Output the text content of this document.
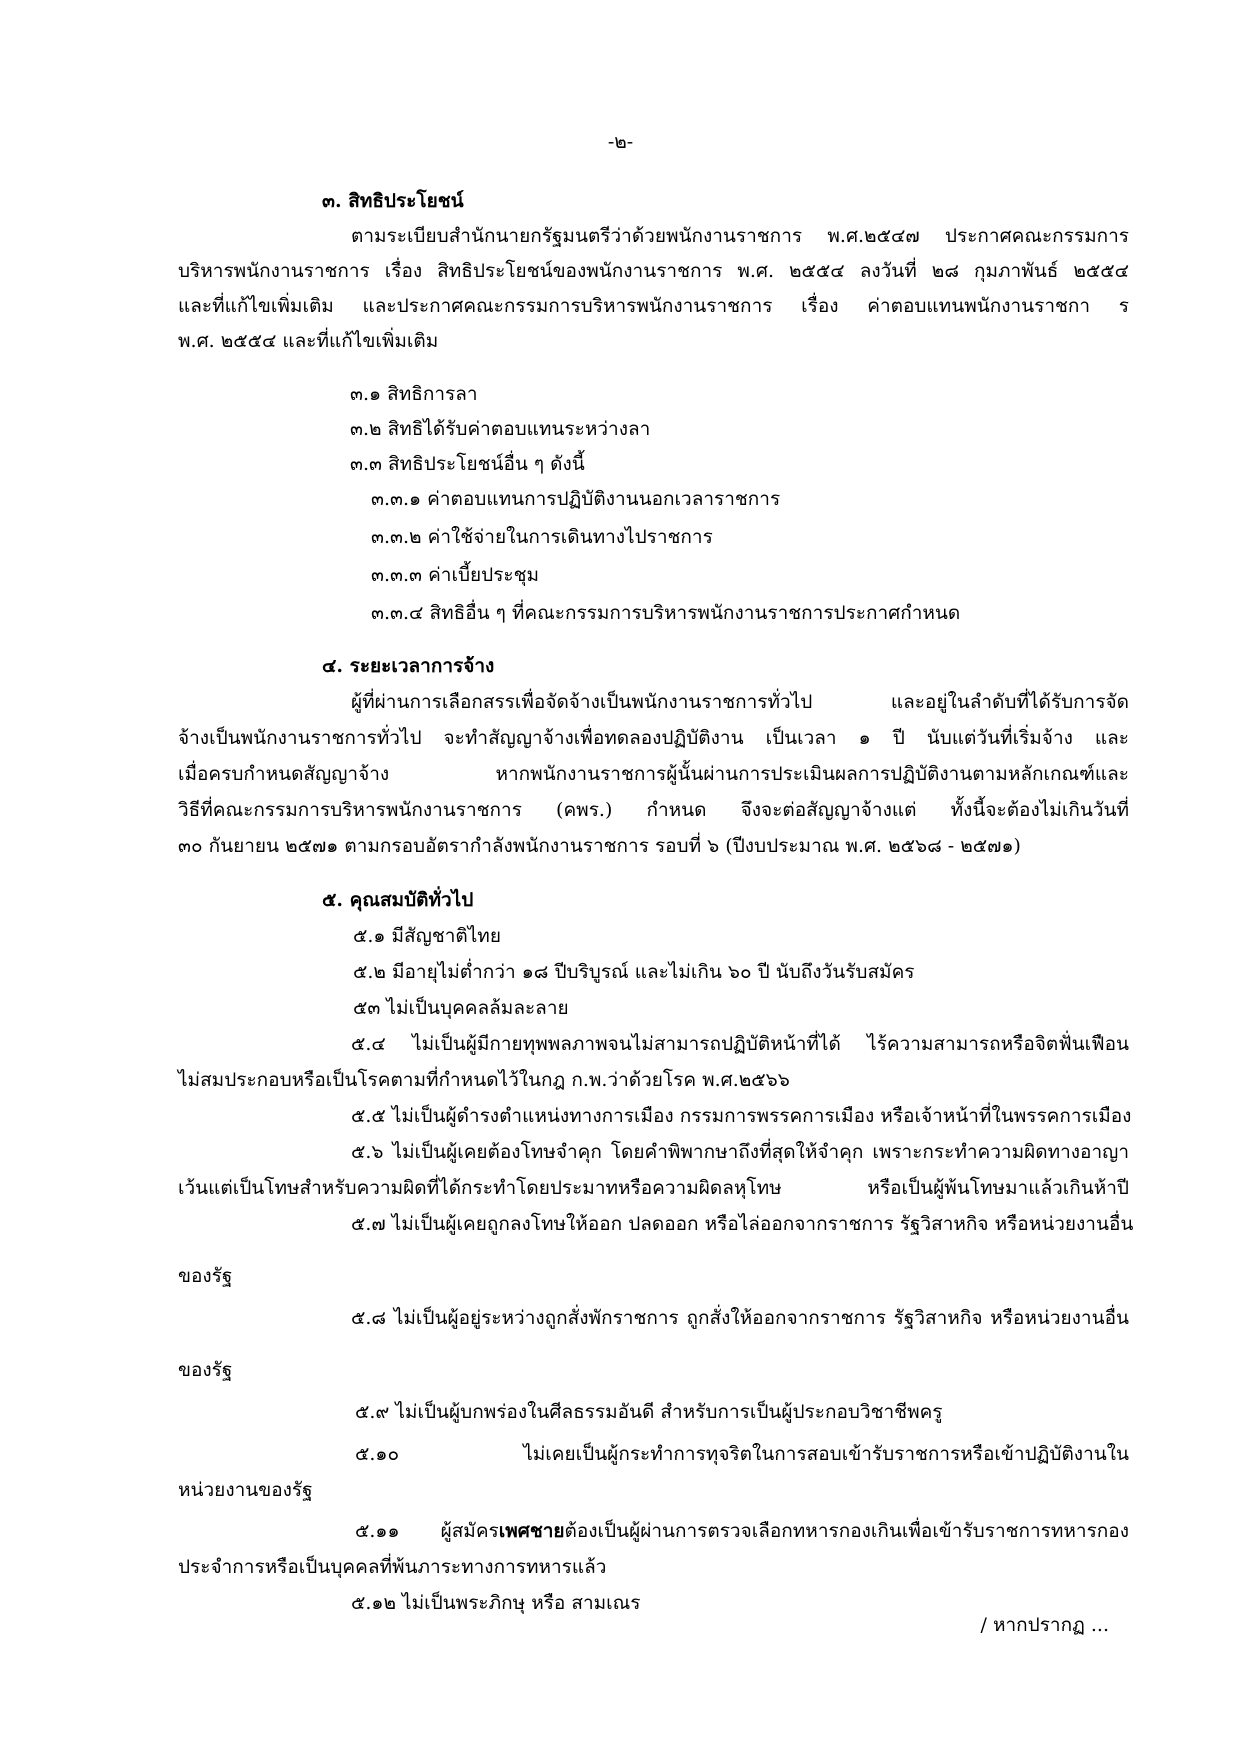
-๒-
๓. สิทธิประโยชน์
ตามระเบียบสำนักนายกรัฐมนตรีว่าด้วยพนักงานราชการ พ.ศ.๒๕๔๗ ประกาศคณะกรรมการ
บริหารพนักงานราชการ เรื่อง สิทธิประโยชน์ของพนักงานราชการ พ.ศ. ๒๕๕๔ ลงวันที่ ๒๘ กุมภาพันธ์ ๒๕๕๔
และที่แก้ไขเพิ่มเติม และประกาศคณะกรรมการบริหารพนักงานราชการ เรื่อง ค่าตอบแทนพนักงานราชกา ร
พ.ศ. ๒๕๕๔ และที่แก้ไขเพิ่มเติม
๓.๑ สิทธิการลา
๓.๒ สิทธิได้รับค่าตอบแทนระหว่างลา
๓.๓ สิทธิประโยชน์อื่น ๆ ดังนี้
๓.๓.๑ ค่าตอบแทนการปฏิบัติงานนอกเวลาราชการ
๓.๓.๒ ค่าใช้จ่ายในการเดินทางไปราชการ
๓.๓.๓ ค่าเบี้ยประชุม
๓.๓.๔ สิทธิอื่น ๆ ที่คณะกรรมการบริหารพนักงานราชการประกาศกำหนด
๔. ระยะเวลาการจ้าง
ผู้ที่ผ่านการเลือกสรรเพื่อจัดจ้างเป็นพนักงานราชการทั่วไป และอยู่ในลำดับที่ได้รับการจัด
จ้างเป็นพนักงานราชการทั่วไป จะทำสัญญาจ้างเพื่อทดลองปฏิบัติงาน เป็นเวลา ๑ ปี นับแต่วันที่เริ่มจ้าง และ
เมื่อครบกำหนดสัญญาจ้าง หากพนักงานราชการผู้นั้นผ่านการประเมินผลการปฏิบัติงานตามหลักเกณฑ์และ
วิธีที่คณะกรรมการบริหารพนักงานราชการ (คพร.) กำหนด จึงจะต่อสัญญาจ้างแต่ ทั้งนี้จะต้องไม่เกินวันที่
๓๐ กันยายน ๒๕๗๑ ตามกรอบอัตรากำลังพนักงานราชการ รอบที่ ๖ (ปีงบประมาณ พ.ศ. ๒๕๖๘ - ๒๕๗๑)
๕. คุณสมบัติทั่วไป
๕.๑ มีสัญชาติไทย
๕.๒ มีอายุไม่ต่ำกว่า ๑๘ ปีบริบูรณ์ และไม่เกิน ๖๐ ปี นับถึงวันรับสมัคร
๕๓ ไม่เป็นบุคคลล้มละลาย
๕.๔ ไม่เป็นผู้มีกายทุพพลภาพจนไม่สามารถปฏิบัติหน้าที่ได้ ไร้ความสามารถหรือจิตฟั่นเฟือน
ไม่สมประกอบหรือเป็นโรคตามที่กำหนดไว้ในกฎ ก.พ.ว่าด้วยโรค พ.ศ.๒๕๖๖
๕.๕ ไม่เป็นผู้ดำรงตำแหน่งทางการเมือง กรรมการพรรคการเมือง หรือเจ้าหน้าที่ในพรรคการเมือง
๕.๖ ไม่เป็นผู้เคยต้องโทษจำคุก โดยคำพิพากษาถึงที่สุดให้จำคุก เพราะกระทำความผิดทางอาญา
เว้นแต่เป็นโทษสำหรับความผิดที่ได้กระทำโดยประมาทหรือความผิดลหุโทษ หรือเป็นผู้พ้นโทษมาแล้วเกินห้าปี
๕.๗ ไม่เป็นผู้เคยถูกลงโทษให้ออก ปลดออก หรือไล่ออกจากราชการ รัฐวิสาหกิจ หรือหน่วยงานอื่น
ของรัฐ
๕.๘ ไม่เป็นผู้อยู่ระหว่างถูกสั่งพักราชการ ถูกสั่งให้ออกจากราชการ รัฐวิสาหกิจ หรือหน่วยงานอื่น
ของรัฐ
๕.๙ ไม่เป็นผู้บกพร่องในศีลธรรมอันดี สำหรับการเป็นผู้ประกอบวิชาชีพครู
๕.๑๐ ไม่เคยเป็นผู้กระทำการทุจริตในการสอบเข้ารับราชการหรือเข้าปฏิบัติงานใน
หน่วยงานของรัฐ
๕.๑๑ ผู้สมัครเพศชายต้องเป็นผู้ผ่านการตรวจเลือกทหารกองเกินเพื่อเข้ารับราชการทหารกอง
ประจำการหรือเป็นบุคคลที่พ้นภาระทางการทหารแล้ว
๕.๑๒ ไม่เป็นพระภิกษุ หรือ สามเณร
/ หากปรากฏ ...
